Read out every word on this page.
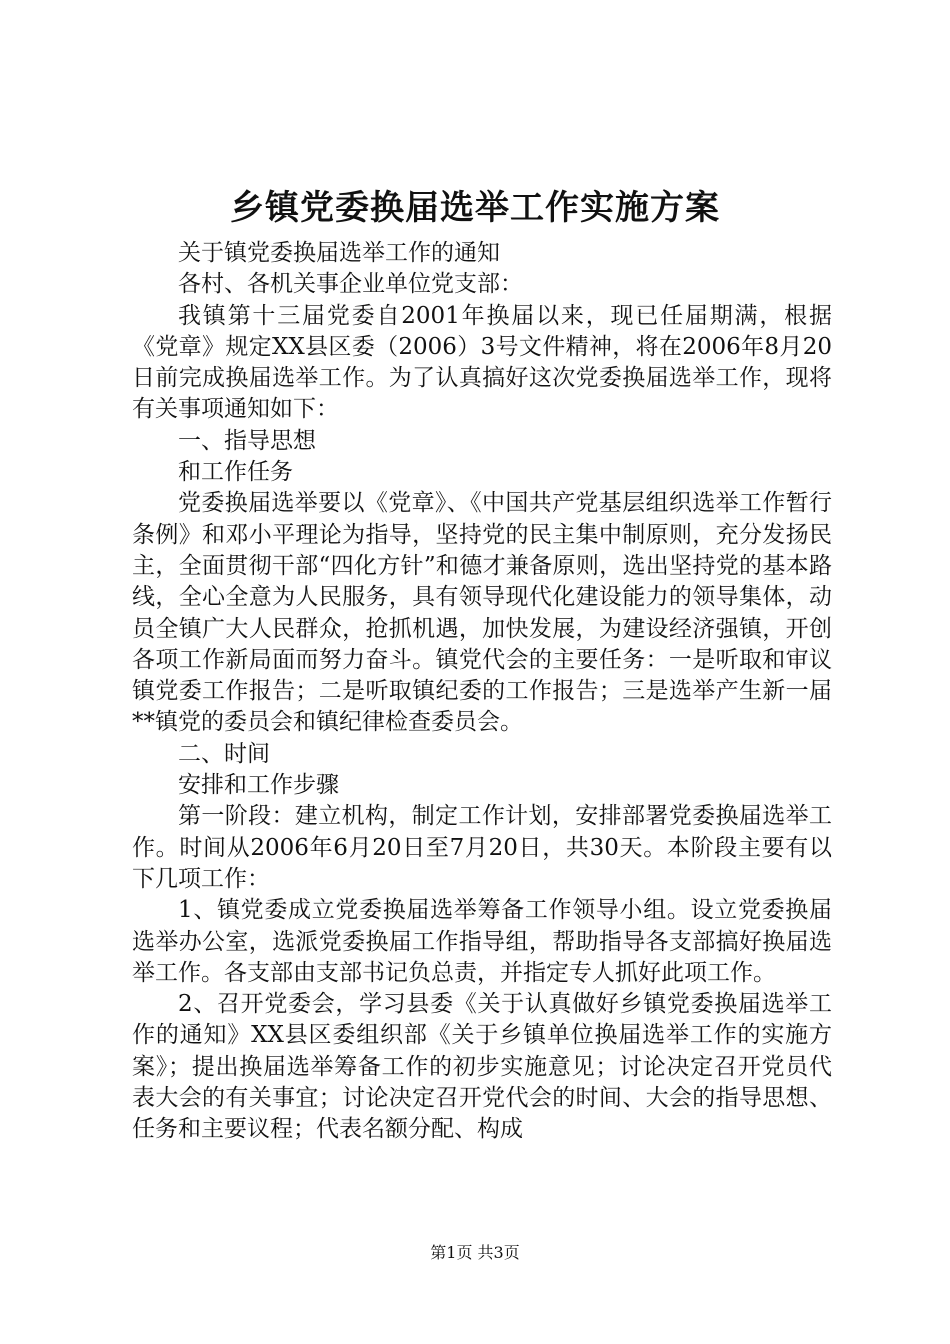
乡镇党委换届选举工作实施方案

关于镇党委换届选举工作的通知

各村、各机关事企业单位党支部：

我镇第十三届党委自2001年换届以来，现已任届期满，根据《党章》规定XX县区委（2006）3号文件精神，将在2006年8月20日前完成换届选举工作。为了认真搞好这次党委换届选举工作，现将有关事项通知如下：

一、指导思想

和工作任务

党委换届选举要以《党章》、《中国共产党基层组织选举工作暂行条例》和邓小平理论为指导，坚持党的民主集中制原则，充分发扬民主，全面贯彻干部“四化方针”和德才兼备原则，选出坚持党的基本路线，全心全意为人民服务，具有领导现代化建设能力的领导集体，动员全镇广大人民群众，抢抓机遇，加快发展，为建设经济强镇，开创各项工作新局面而努力奋斗。镇党代会的主要任务：一是听取和审议镇党委工作报告；二是听取镇纪委的工作报告；三是选举产生新一届**镇党的委员会和镇纪律检查委员会。

二、时间

安排和工作步骤

第一阶段：建立机构，制定工作计划，安排部署党委换届选举工作。时间从2006年6月20日至7月20日，共30天。本阶段主要有以下几项工作：

1、镇党委成立党委换届选举筹备工作领导小组。设立党委换届选举办公室，选派党委换届工作指导组，帮助指导各支部搞好换届选举工作。各支部由支部书记负总责，并指定专人抓好此项工作。

2、召开党委会，学习县委《关于认真做好乡镇党委换届选举工作的通知》XX县区委组织部《关于乡镇单位换届选举工作的实施方案》；提出换届选举筹备工作的初步实施意见；讨论决定召开党员代表大会的有关事宜；讨论决定召开党代会的时间、大会的指导思想、任务和主要议程；代表名额分配、构成

第1页 共3页
